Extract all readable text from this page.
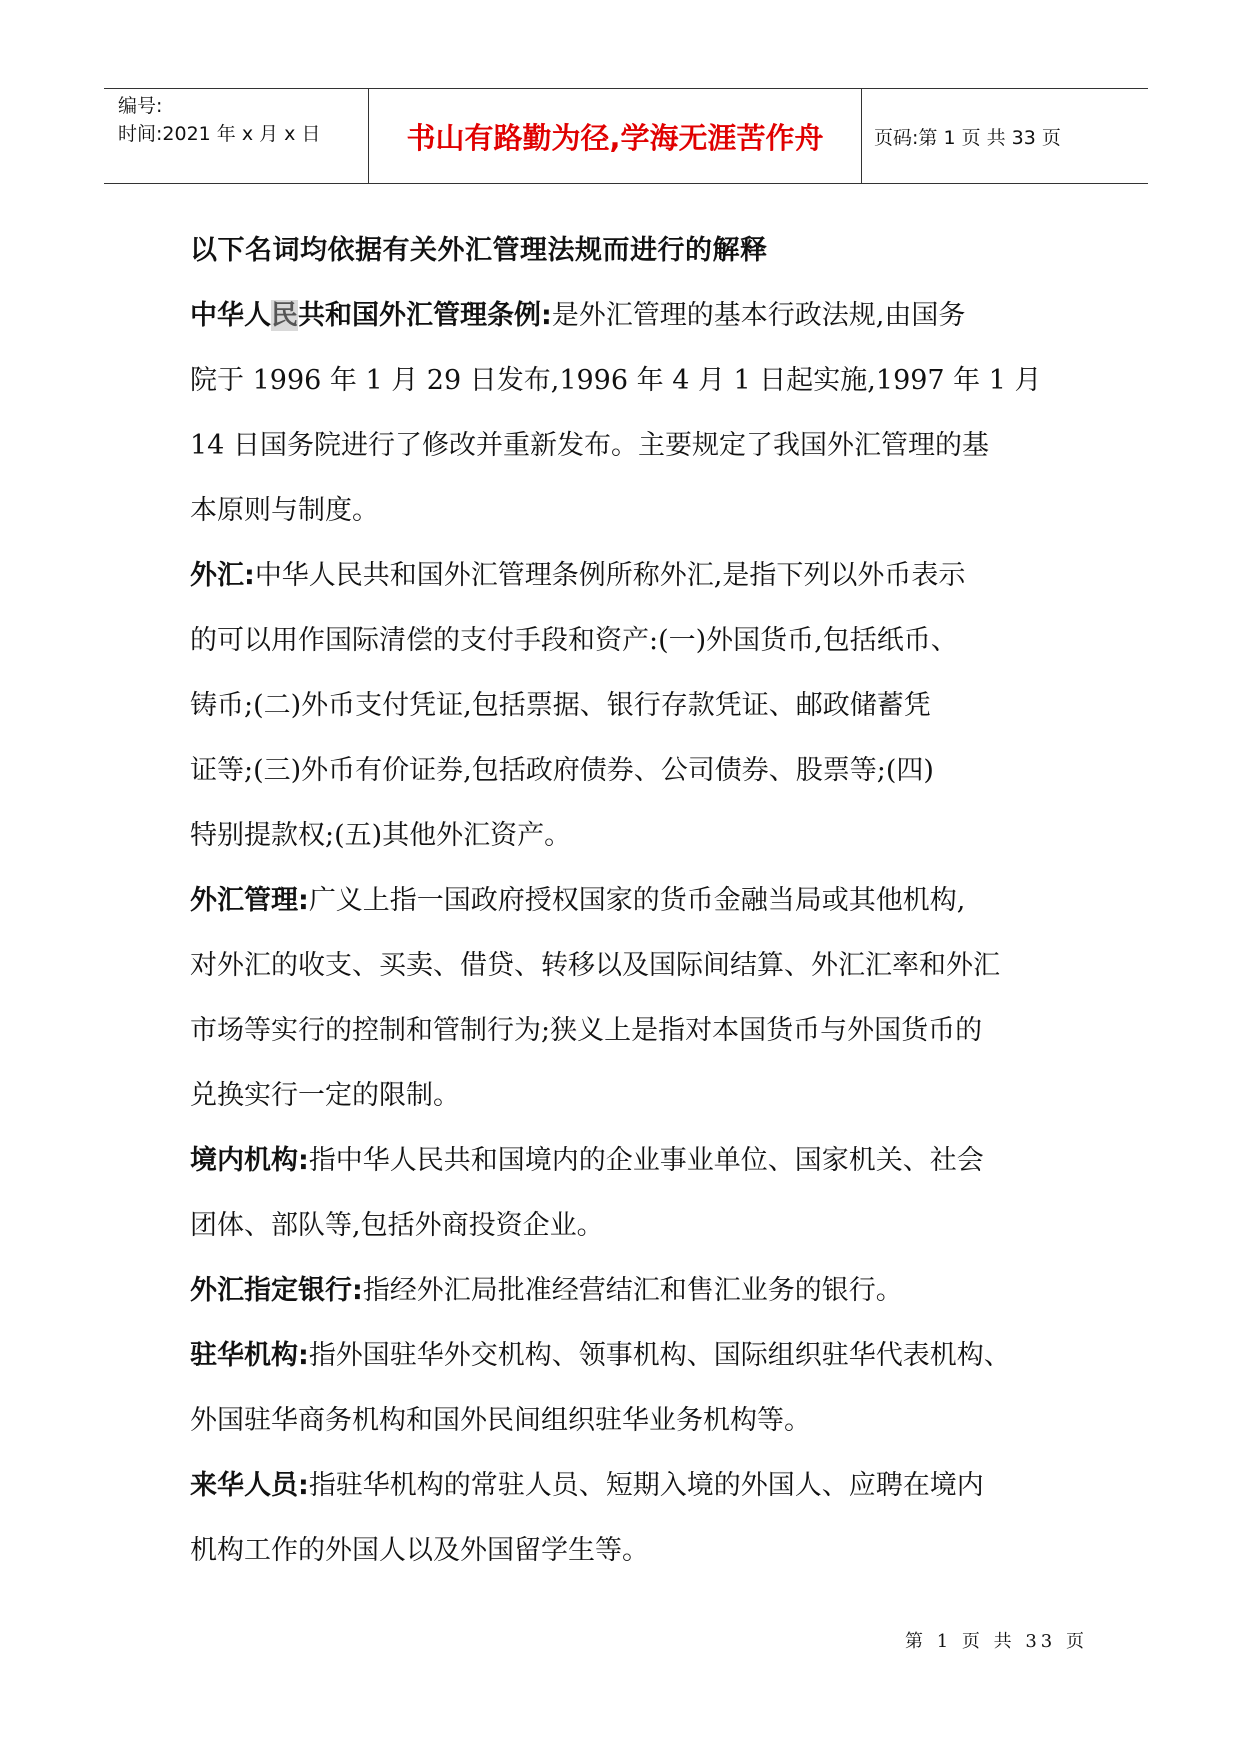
编号:
时间:2021 年 x 月 x 日	书山有路勤为径,学海无涯苦作舟	页码:第 1 页 共 33 页
以下名词均依据有关外汇管理法规而进行的解释
中华人民共和国外汇管理条例:是外汇管理的基本行政法规,由国务
院于 1996 年 1 月 29 日发布,1996 年 4 月 1 日起实施,1997 年 1 月
14 日国务院进行了修改并重新发布。主要规定了我国外汇管理的基
本原则与制度。
外汇:中华人民共和国外汇管理条例所称外汇,是指下列以外币表示
的可以用作国际清偿的支付手段和资产:(一)外国货币,包括纸币、
铸币;(二)外币支付凭证,包括票据、银行存款凭证、邮政储蓄凭
证等;(三)外币有价证券,包括政府债券、公司债券、股票等;(四)
特别提款权;(五)其他外汇资产。
外汇管理:广义上指一国政府授权国家的货币金融当局或其他机构,
对外汇的收支、买卖、借贷、转移以及国际间结算、外汇汇率和外汇
市场等实行的控制和管制行为;狭义上是指对本国货币与外国货币的
兑换实行一定的限制。
境内机构:指中华人民共和国境内的企业事业单位、国家机关、社会
团体、部队等,包括外商投资企业。
外汇指定银行:指经外汇局批准经营结汇和售汇业务的银行。
驻华机构:指外国驻华外交机构、领事机构、国际组织驻华代表机构、
外国驻华商务机构和国外民间组织驻华业务机构等。
来华人员:指驻华机构的常驻人员、短期入境的外国人、应聘在境内
机构工作的外国人以及外国留学生等。
第 1 页 共 33 页
